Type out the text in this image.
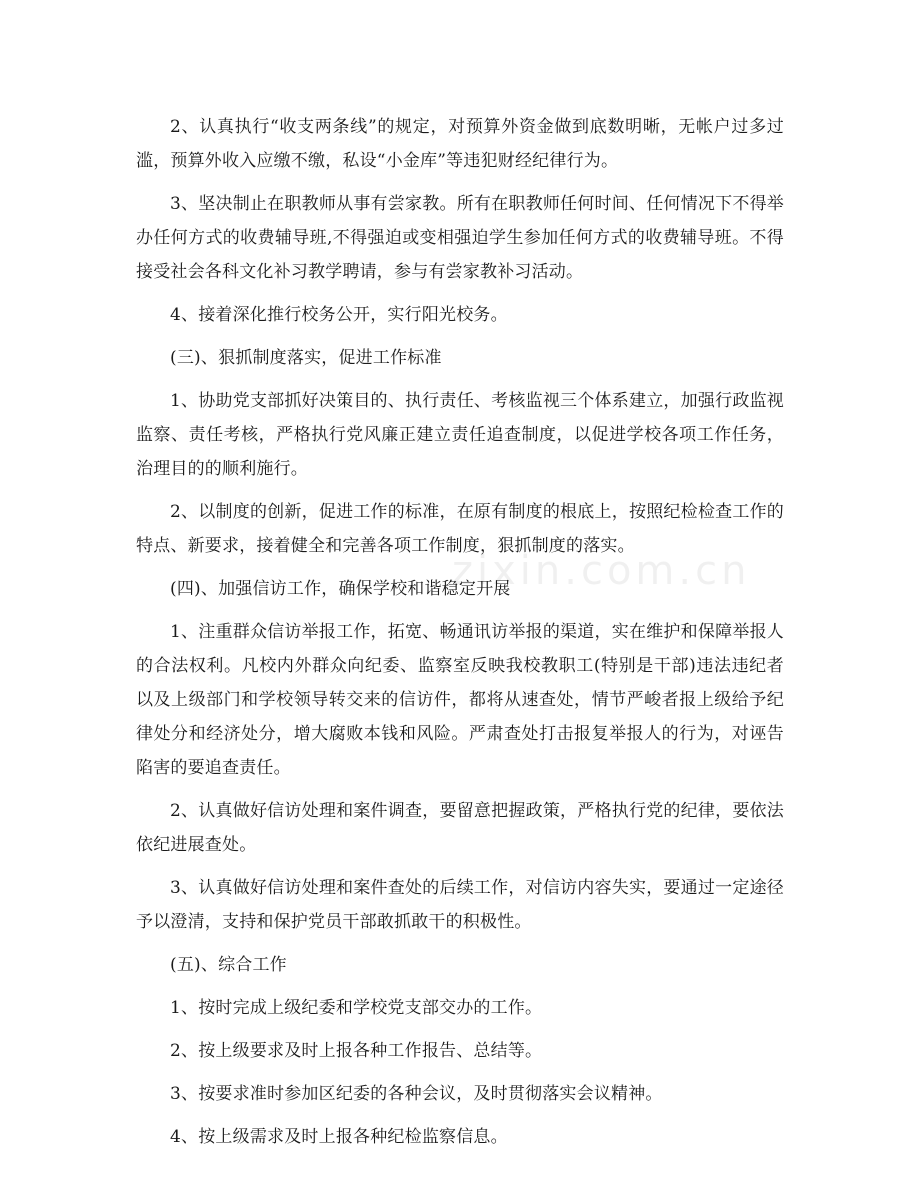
2、认真执行“收支两条线”的规定，对预算外资金做到底数明晰，无帐户过多过滥，预算外收入应缴不缴，私设“小金库”等违犯财经纪律行为。

3、坚决制止在职教师从事有尝家教。所有在职教师任何时间、任何情况下不得举办任何方式的收费辅导班,不得强迫或变相强迫学生参加任何方式的收费辅导班。不得接受社会各科文化补习教学聘请，参与有尝家教补习活动。

4、接着深化推行校务公开，实行阳光校务。

(三)、狠抓制度落实，促进工作标准

1、协助党支部抓好决策目的、执行责任、考核监视三个体系建立，加强行政监视监察、责任考核，严格执行党风廉正建立责任追查制度，以促进学校各项工作任务，治理目的的顺利施行。

2、以制度的创新，促进工作的标准，在原有制度的根底上，按照纪检检查工作的特点、新要求，接着健全和完善各项工作制度，狠抓制度的落实。

(四)、加强信访工作，确保学校和谐稳定开展

1、注重群众信访举报工作，拓宽、畅通讯访举报的渠道，实在维护和保障举报人的合法权利。凡校内外群众向纪委、监察室反映我校教职工(特别是干部)违法违纪者以及上级部门和学校领导转交来的信访件，都将从速查处，情节严峻者报上级给予纪律处分和经济处分，增大腐败本钱和风险。严肃查处打击报复举报人的行为，对诬告陷害的要追查责任。

2、认真做好信访处理和案件调查，要留意把握政策，严格执行党的纪律，要依法依纪进展查处。

3、认真做好信访处理和案件查处的后续工作，对信访内容失实，要通过一定途径予以澄清，支持和保护党员干部敢抓敢干的积极性。

(五)、综合工作

1、按时完成上级纪委和学校党支部交办的工作。

2、按上级要求及时上报各种工作报告、总结等。

3、按要求准时参加区纪委的各种会议，及时贯彻落实会议精神。

4、按上级需求及时上报各种纪检监察信息。

zixin.com.cn
